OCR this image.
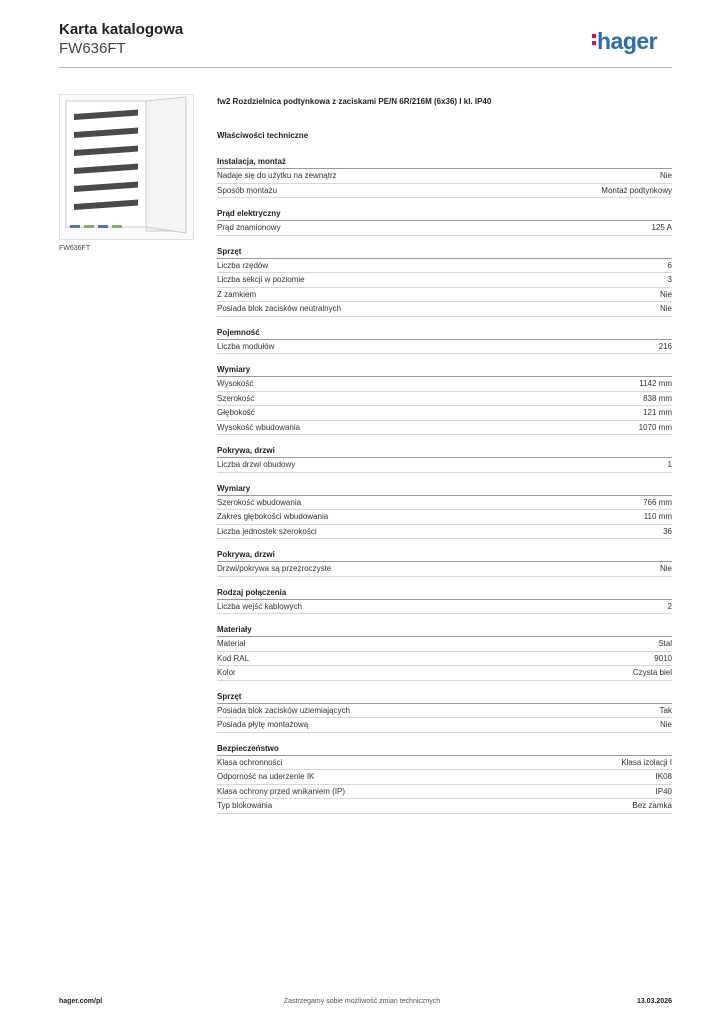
Karta katalogowa
FW636FT	hager
FW636FT
fw2 Rozdzielnica podtynkowa z zaciskami PE/N 6R/216M (6x36) I kl. IP40
Właściwości techniczne
Instalacja, montaż
Nadaje się do użytku na zewnątrz	Nie
Sposób montażu	Montaż podtynkowy
Prąd elektryczny
Prąd znamionowy	125 A
Sprzęt
Liczba rzędów	6
Liczba sekcji w poziomie	3
Z zamkiem	Nie
Posiada blok zacisków neutralnych	Nie
Pojemność
Liczba modułów	216
Wymiary
Wysokość	1142 mm
Szerokość	838 mm
Głębokość	121 mm
Wysokość wbudowania	1070 mm
Pokrywa, drzwi
Liczba drzwi obudowy	1
Wymiary
Szerokość wbudowania	766 mm
Zakres głębokości wbudowania	110 mm
Liczba jednostek szerokości	36
Pokrywa, drzwi
Drzwi/pokrywa są przezroczyste	Nie
Rodzaj połączenia
Liczba wejść kablowych	2
Materiały
Materiał	Stal
Kod RAL	9010
Kolor	Czysta biel
Sprzęt
Posiada blok zacisków uziemiających	Tak
Posiada płytę montażową	Nie
Bezpieczeństwo
Klasa ochronności	Klasa izolacji I
Odporność na uderzenie IK	IK08
Klasa ochrony przed wnikaniem (IP)	IP40
Typ blokowania	Bez zamka
hager.com/pl	Zastrzegamy sobie możliwość zmian technicznych	13.03.2026
